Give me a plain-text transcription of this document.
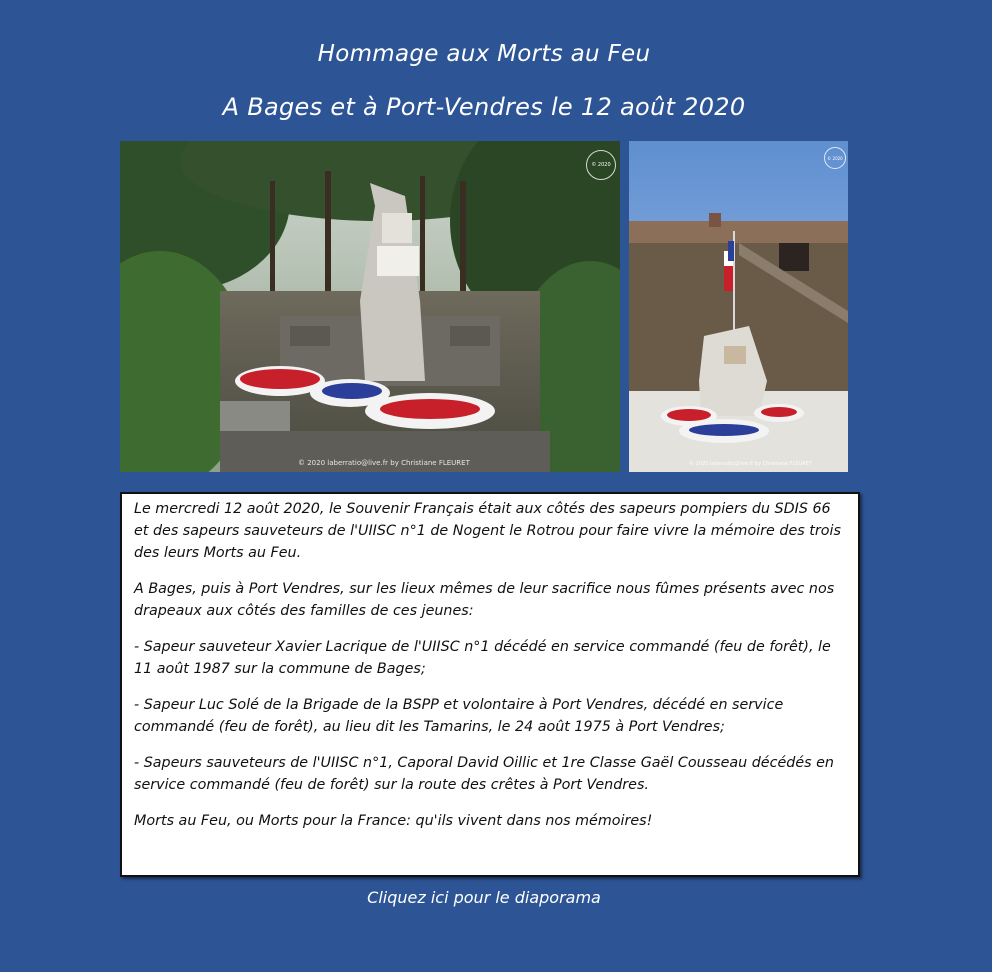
Hommage aux Morts au Feu
A Bages et à Port-Vendres le 12 août 2020
© 2020
© 2020 laberratio@live.fr by Christiane FLEURET
© 2020
© 2020 laberratio@live.fr by Christiane FLEURET

Le mercredi 12 août 2020, le Souvenir Français était aux côtés des sapeurs pompiers du SDIS 66 et des sapeurs sauveteurs de l'UIISC n°1 de Nogent le Rotrou pour faire vivre la mémoire des trois des leurs Morts au Feu.

A Bages, puis à Port Vendres, sur les lieux mêmes de leur sacrifice nous fûmes présents avec nos drapeaux aux côtés des familles de ces jeunes:

- Sapeur sauveteur Xavier Lacrique de l'UIISC n°1 décédé en service commandé (feu de forêt), le 11 août 1987 sur la commune de Bages;

- Sapeur Luc Solé de la Brigade de la BSPP et volontaire à Port Vendres, décédé en service commandé (feu de forêt), au lieu dit les Tamarins, le 24 août 1975 à Port Vendres;

- Sapeurs sauveteurs de l'UIISC n°1, Caporal David Oillic et 1re Classe Gaël Cousseau décédés en service commandé (feu de forêt) sur la route des crêtes à Port Vendres.

Morts au Feu, ou Morts pour la France: qu'ils vivent dans nos mémoires!

Cliquez ici pour le diaporama
